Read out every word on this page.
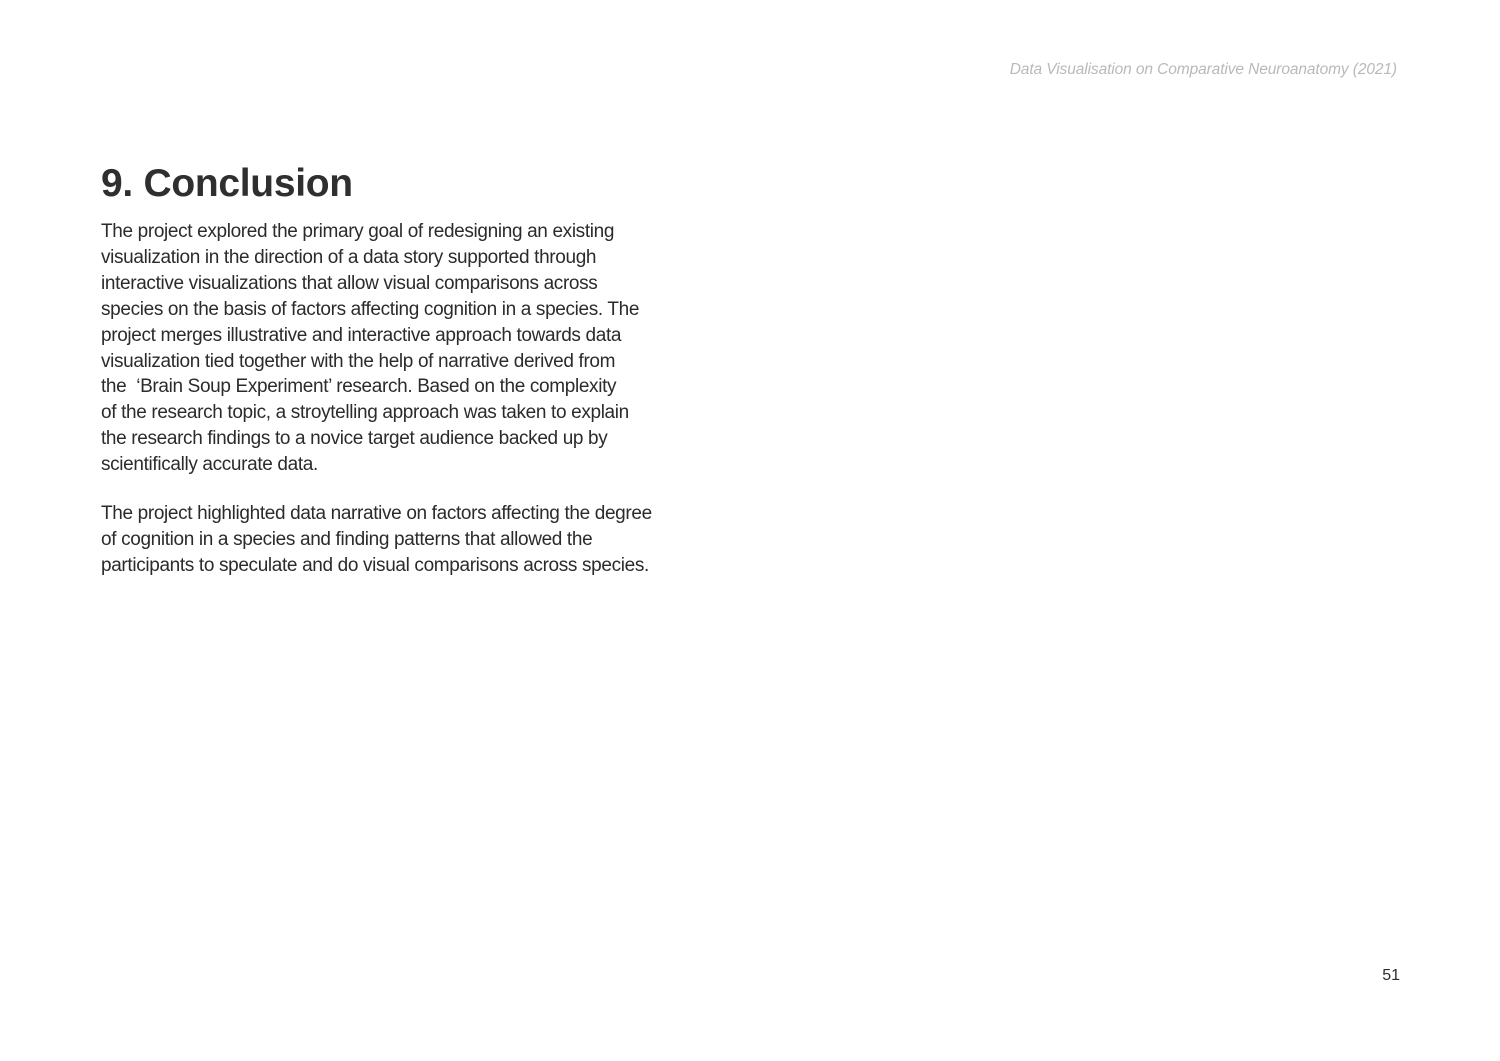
Data Visualisation on Comparative Neuroanatomy (2021)
9. Conclusion
The project explored the primary goal of redesigning an existing
visualization in the direction of a data story supported through
interactive visualizations that allow visual comparisons across
species on the basis of factors affecting cognition in a species. The
project merges illustrative and interactive approach towards data
visualization tied together with the help of narrative derived from
the  ‘Brain Soup Experiment’ research. Based on the complexity
of the research topic, a stroytelling approach was taken to explain
the research findings to a novice target audience backed up by
scientifically accurate data.
The project highlighted data narrative on factors affecting the degree
of cognition in a species and finding patterns that allowed the
participants to speculate and do visual comparisons across species.
51
